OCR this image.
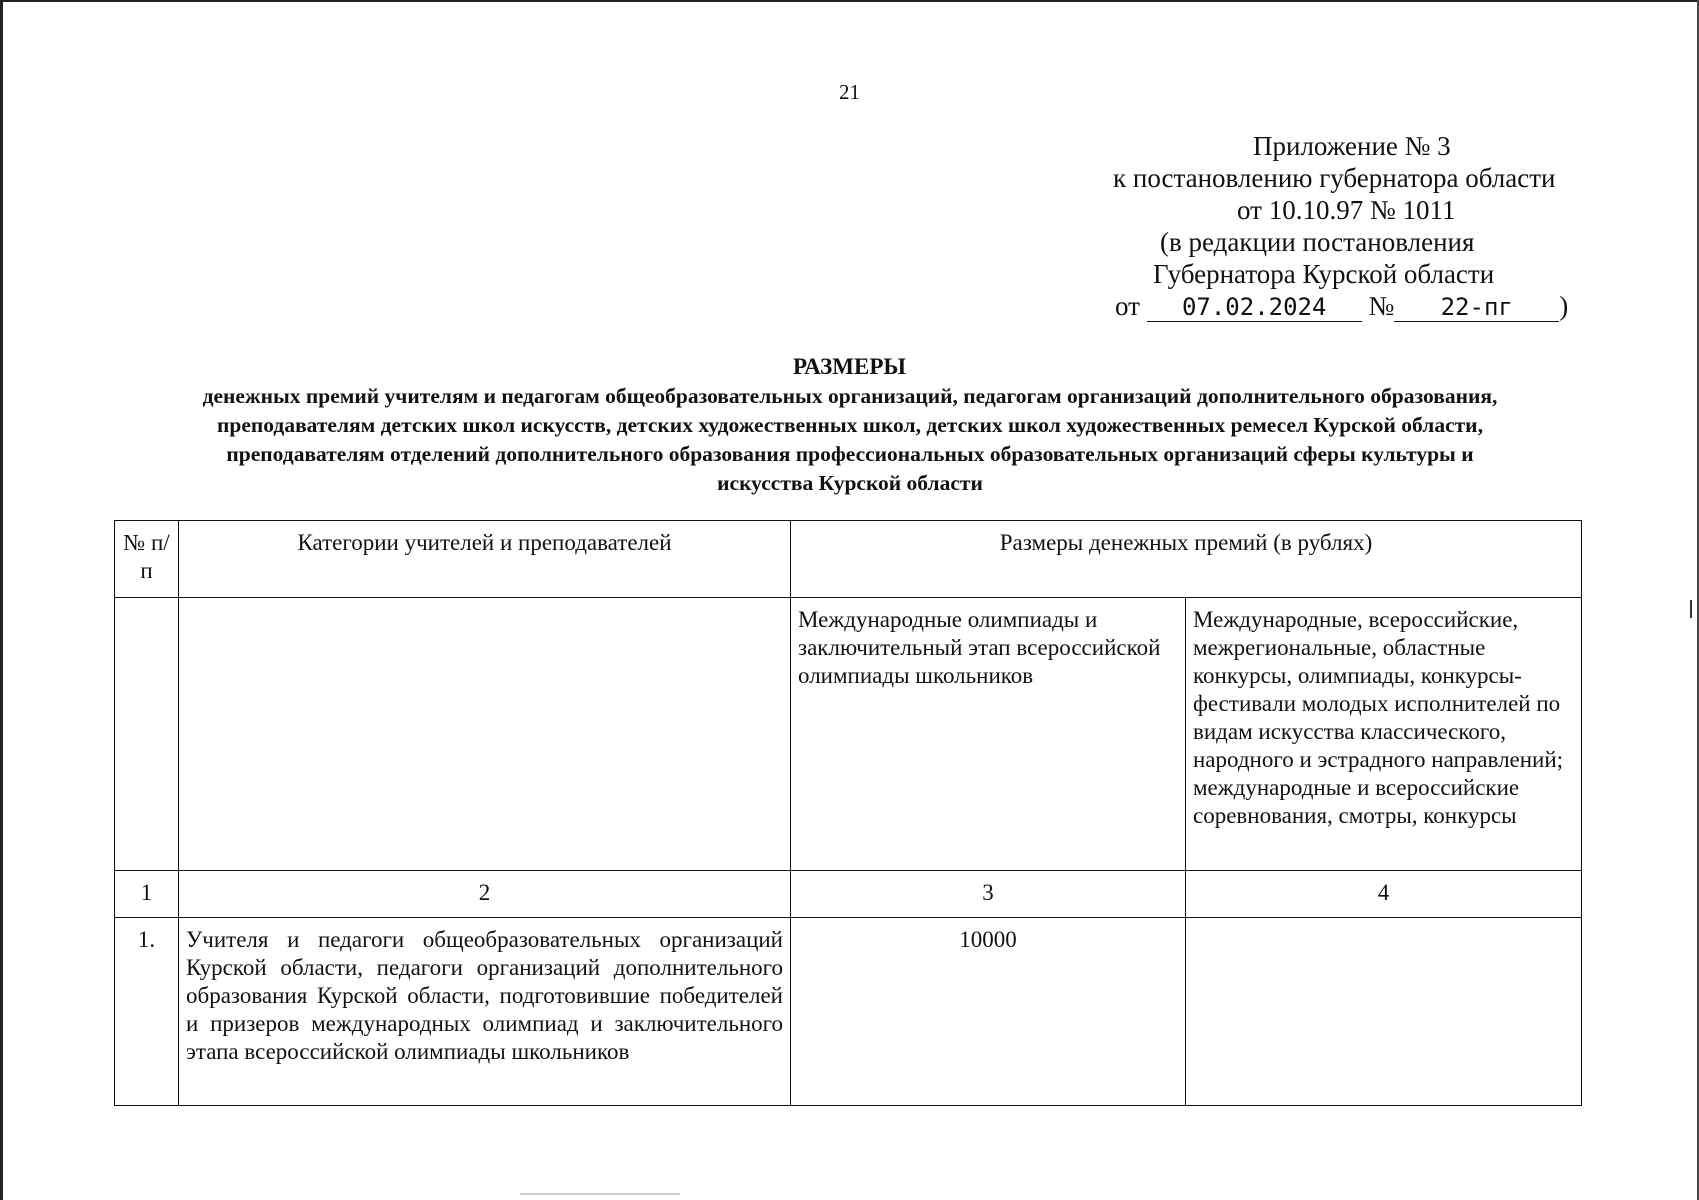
21
Приложение № 3
к постановлению губернатора области
от 10.10.97 № 1011
(в редакции постановления
Губернатора Курской области
от 07.02.2024 № 22-пг )
РАЗМЕРЫ
денежных премий учителям и педагогам общеобразовательных организаций, педагогам организаций дополнительного образования,
преподавателям детских школ искусств, детских художественных школ, детских школ художественных ремесел Курской области,
преподавателям отделений дополнительного образования профессиональных образовательных организаций сферы культуры и
искусства Курской области
№ п/п	Категории учителей и преподавателей	Размеры денежных премий (в рублях)	
		Международные олимпиады и заключительный этап всероссийской олимпиады школьников	Международные, всероссийские, межрегиональные, областные конкурсы, олимпиады, конкурсы-фестивали молодых исполнителей по видам искусства классического, народного и эстрадного направлений; международные и всероссийские соревнования, смотры, конкурсы
1	2	3	4
1.	Учителя и педагоги общеобразовательных организаций Курской области, педагоги организаций дополнительного образования Курской области, подготовившие победителей и призеров международных олимпиад и заключительного этапа всероссийской олимпиады школьников	10000	
